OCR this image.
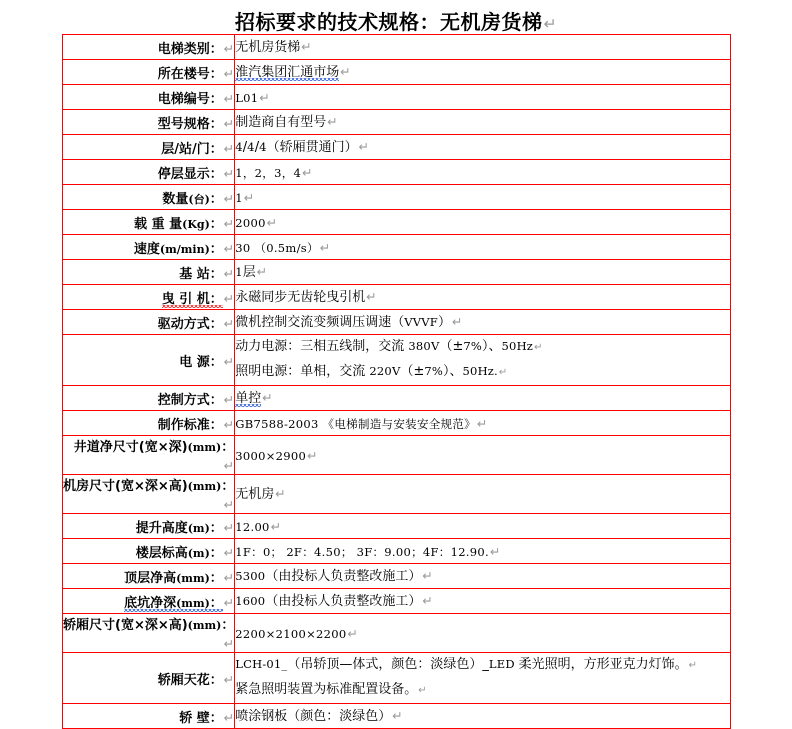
招标要求的技术规格：无机房货梯↵
电梯类别：↵	无机房货梯↵
所在楼号：↵	淮汽集团汇通市场↵
电梯编号：↵	L01↵
型号规格：↵	制造商自有型号↵
层/站/门：↵	4/4/4（轿厢贯通门）↵
停层显示：↵	1，2，3，4↵
数量(台)：↵	1↵
载 重 量(Kg)：↵	2000↵
速度(m/min)：↵	30 （0.5m/s）↵
基 站：↵	1层↵
曳 引 机：↵	永磁同步无齿轮曳引机↵
驱动方式：↵	微机控制交流变频调压调速（VVVF）↵
电 源：↵	动力电源：三相五线制，交流 380V（±7%）、50Hz↵
照明电源：单相，交流 220V（±7%）、50Hz.↵

控制方式：↵	单控↵
制作标准：↵	GB7588-2003 《电梯制造与安装安全规范》↵
井道净尺寸(宽×深)(mm)：↵	3000×2900↵
机房尺寸(宽×深×高)(mm)：↵	无机房↵
提升高度(m)：↵	12.00↵
楼层标高(m)：↵	1F：0； 2F：4.50； 3F：9.00；4F：12.90.↵
顶层净高(mm)：↵	5300（由投标人负责整改施工）↵
底坑净深(mm)：↵	1600（由投标人负责整改施工）↵
轿厢尺寸(宽×深×高)(mm)：↵	2200×2100×2200↵
轿厢天花：↵	LCH-01_（吊轿顶—体式，颜色：淡绿色）_LED 柔光照明，方形亚克力灯饰。↵
紧急照明装置为标准配置设备。↵

轿 壁：↵	喷涂钢板（颜色：淡绿色）↵
